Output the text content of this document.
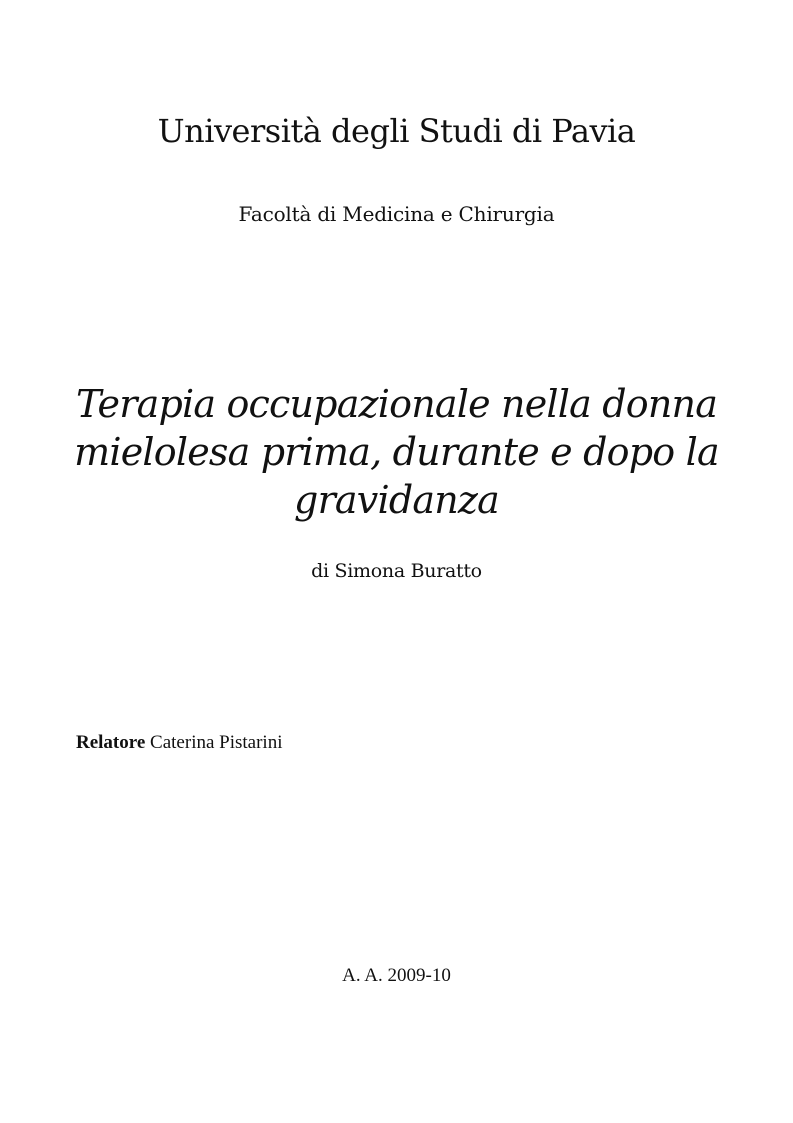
Università degli Studi di Pavia
Facoltà di Medicina e Chirurgia
Terapia occupazionale nella donna
mielolesa prima, durante e dopo la
gravidanza
di Simona Buratto
Relatore Caterina Pistarini
A. A. 2009-10
